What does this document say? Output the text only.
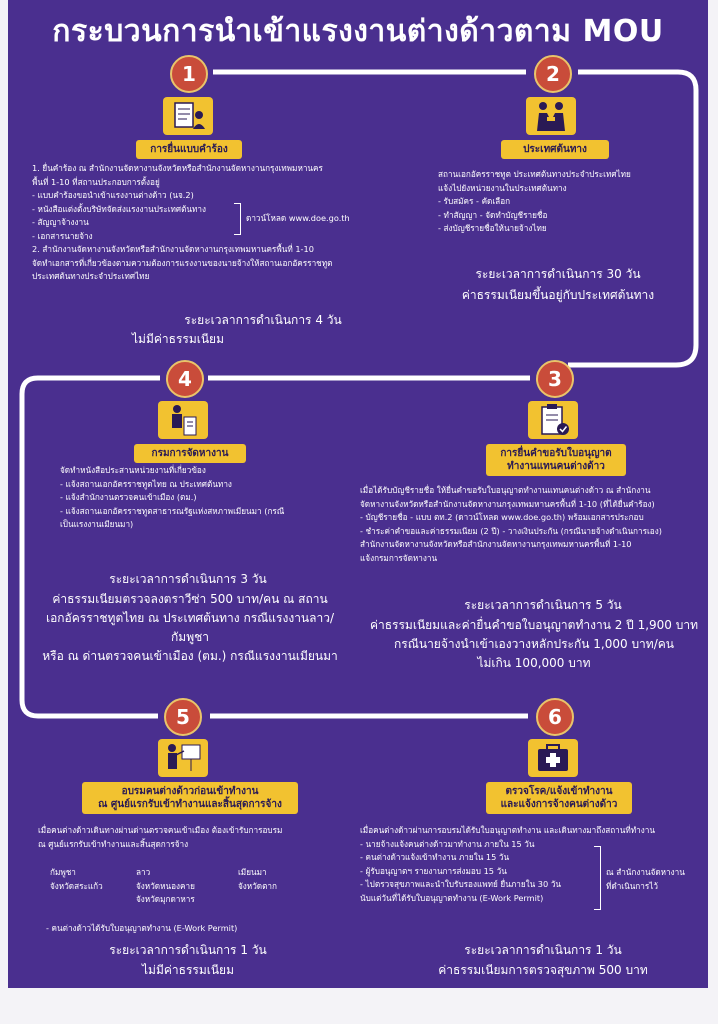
กระบวนการนำเข้าแรงงานต่างด้าวตาม MOU
1
การยื่นแบบคำร้อง
1. ยื่นคำร้อง ณ สำนักงานจัดหางานจังหวัดหรือสำนักงานจัดหางานกรุงเทพมหานคร
พื้นที่ 1-10 ที่สถานประกอบการตั้งอยู่
- แบบคำร้องขอนำเข้าแรงงานต่างด้าว (นจ.2)
- หนังสือแต่งตั้งบริษัทจัดส่งแรงงานประเทศต้นทาง
- สัญญาจ้างงาน
- เอกสารนายจ้าง
2. สำนักงานจัดหางานจังหวัดหรือสำนักงานจัดหางานกรุงเทพมหานครพื้นที่ 1-10
จัดทำเอกสารที่เกี่ยวข้องตามความต้องการแรงงานของนายจ้างให้สถานเอกอัครราชทูต
ประเทศต้นทางประจำประเทศไทย
ดาวน์โหลด www.doe.go.th
ระยะเวลาการดำเนินการ 4 วัน
ไม่มีค่าธรรมเนียม
2
ประเทศต้นทาง
สถานเอกอัครราชทูต ประเทศต้นทางประจำประเทศไทย
แจ้งไปยังหน่วยงานในประเทศต้นทาง
- รับสมัคร - คัดเลือก
- ทำสัญญา - จัดทำบัญชีรายชื่อ
- ส่งบัญชีรายชื่อให้นายจ้างไทย
ระยะเวลาการดำเนินการ 30 วัน
ค่าธรรมเนียมขึ้นอยู่กับประเทศต้นทาง
4
กรมการจัดหางาน
จัดทำหนังสือประสานหน่วยงานที่เกี่ยวข้อง
- แจ้งสถานเอกอัครราชทูตไทย ณ ประเทศต้นทาง
- แจ้งสำนักงานตรวจคนเข้าเมือง (ตม.)
- แจ้งสถานเอกอัครราชทูตสาธารณรัฐแห่งสหภาพเมียนมา (กรณี
เป็นแรงงานเมียนมา)
ระยะเวลาการดำเนินการ 3 วัน
ค่าธรรมเนียมตรวจลงตราวีซ่า 500 บาท/คน ณ สถาน
เอกอัครราชทูตไทย ณ ประเทศต้นทาง กรณีแรงงานลาว/กัมพูชา
หรือ ณ ด่านตรวจคนเข้าเมือง (ตม.) กรณีแรงงานเมียนมา
3
การยื่นคำขอรับใบอนุญาต
ทำงานแทนคนต่างด้าว
เมื่อได้รับบัญชีรายชื่อ ให้ยื่นคำขอรับใบอนุญาตทำงานแทนคนต่างด้าว ณ สำนักงาน
จัดหางานจังหวัดหรือสำนักงานจัดหางานกรุงเทพมหานครพื้นที่ 1-10 (ที่ได้ยื่นคำร้อง)
- บัญชีรายชื่อ - แบบ ตท.2 (ดาวน์โหลด www.doe.go.th) พร้อมเอกสารประกอบ
- ชำระค่าคำขอและค่าธรรมเนียม (2 ปี) - วางเงินประกัน (กรณีนายจ้างดำเนินการเอง)
สำนักงานจัดหางานจังหวัดหรือสำนักงานจัดหางานกรุงเทพมหานครพื้นที่ 1-10
แจ้งกรมการจัดหางาน
ระยะเวลาการดำเนินการ 5 วัน
ค่าธรรมเนียมและค่ายื่นคำขอใบอนุญาตทำงาน 2 ปี 1,900 บาท
กรณีนายจ้างนำเข้าเองวางหลักประกัน 1,000 บาท/คน
ไม่เกิน 100,000 บาท
5
อบรมคนต่างด้าวก่อนเข้าทำงาน
ณ ศูนย์แรกรับเข้าทำงานและสิ้นสุดการจ้าง
เมื่อคนต่างด้าวเดินทางผ่านด่านตรวจคนเข้าเมือง ต้องเข้ารับการอบรม
ณ ศูนย์แรกรับเข้าทำงานและสิ้นสุดการจ้าง
กัมพูชา
จังหวัดสระแก้ว
ลาว
จังหวัดหนองคาย
จังหวัดมุกดาหาร
เมียนมา
จังหวัดตาก
- คนต่างด้าวได้รับใบอนุญาตทำงาน (E-Work Permit)
ระยะเวลาการดำเนินการ 1 วัน
ไม่มีค่าธรรมเนียม
6
ตรวจโรค/แจ้งเข้าทำงาน
และแจ้งการจ้างคนต่างด้าว
เมื่อคนต่างด้าวผ่านการอบรมได้รับใบอนุญาตทำงาน และเดินทางมาถึงสถานที่ทำงาน
- นายจ้างแจ้งคนต่างด้าวมาทำงาน ภายใน 15 วัน
- คนต่างด้าวแจ้งเข้าทำงาน ภายใน 15 วัน
- ผู้รับอนุญาตฯ รายงานการส่งมอบ 15 วัน
- ไปตรวจสุขภาพและนำใบรับรองแพทย์ ยื่นภายใน 30 วัน
นับแต่วันที่ได้รับใบอนุญาตทำงาน (E-Work Permit)
ณ สำนักงานจัดหางาน
ที่ดำเนินการไว้
ระยะเวลาการดำเนินการ 1 วัน
ค่าธรรมเนียมการตรวจสุขภาพ 500 บาท
